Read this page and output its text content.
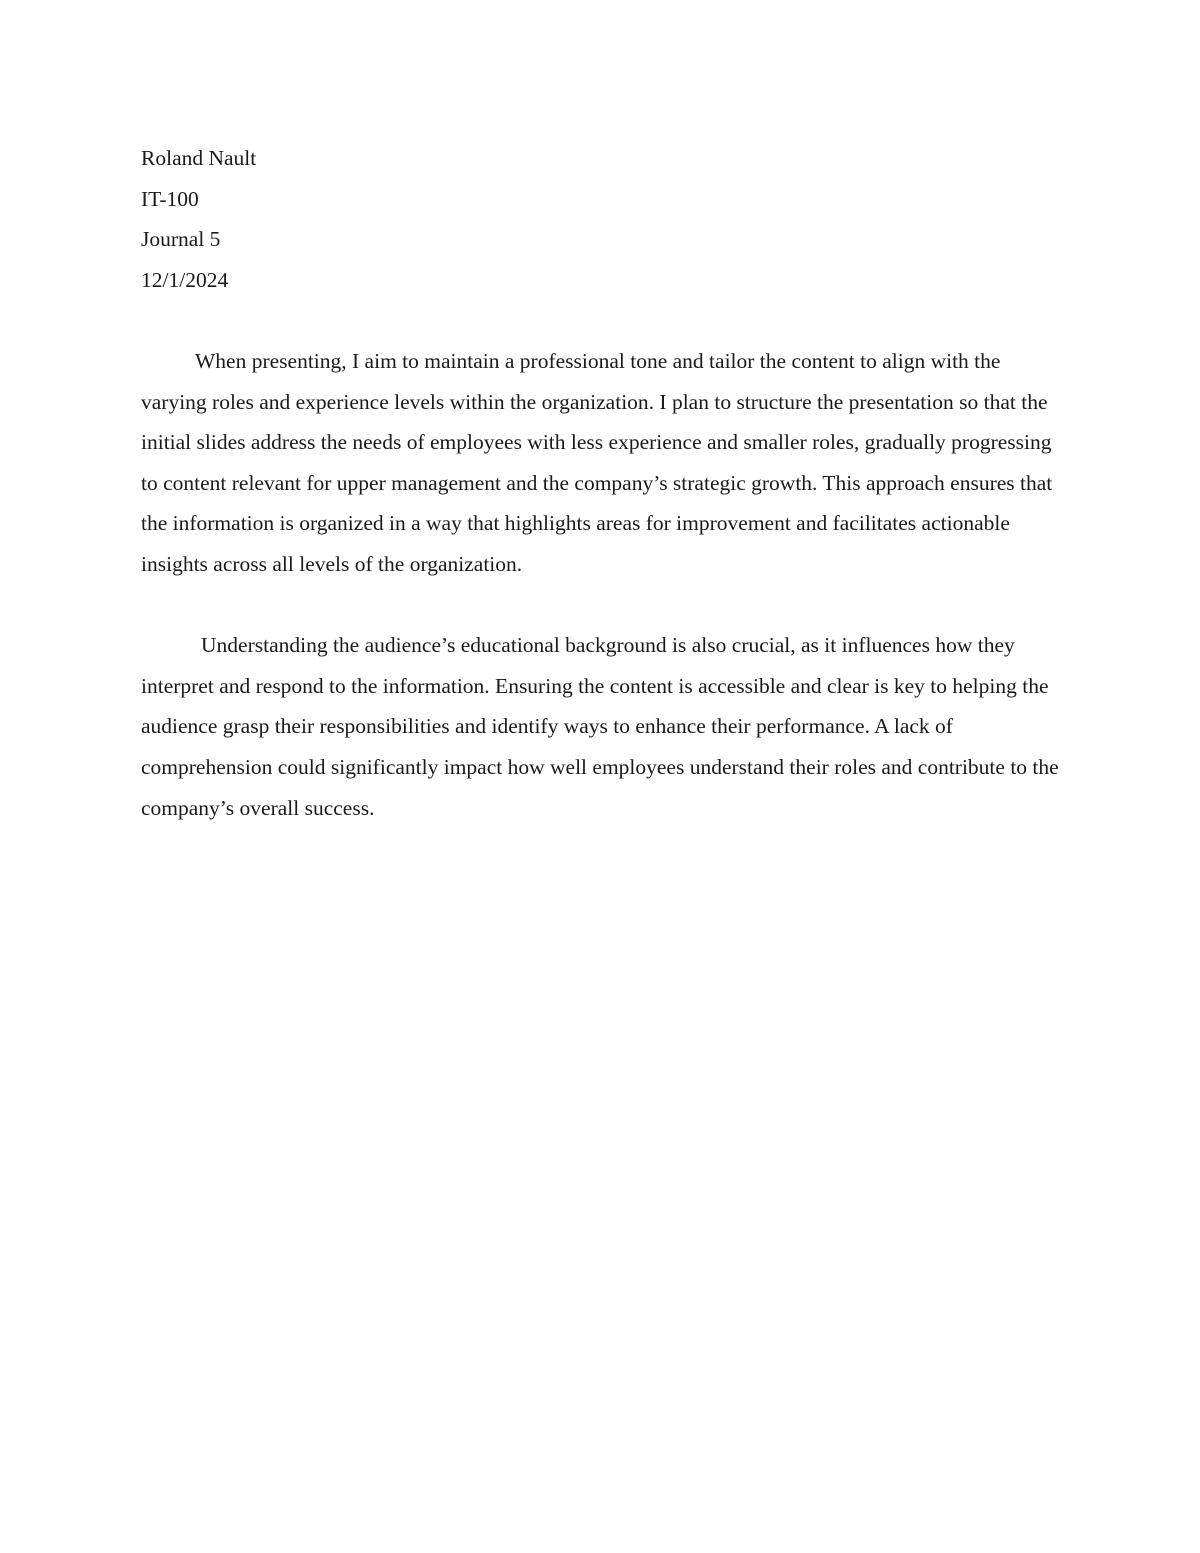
Roland Nault

IT-100

Journal 5

12/1/2024

When presenting, I aim to maintain a professional tone and tailor the content to align with the varying roles and experience levels within the organization. I plan to structure the presentation so that the initial slides address the needs of employees with less experience and smaller roles, gradually progressing to content relevant for upper management and the company’s strategic growth. This approach ensures that the information is organized in a way that highlights areas for improvement and facilitates actionable insights across all levels of the organization.

Understanding the audience’s educational background is also crucial, as it influences how they interpret and respond to the information. Ensuring the content is accessible and clear is key to helping the audience grasp their responsibilities and identify ways to enhance their performance. A lack of comprehension could significantly impact how well employees understand their roles and contribute to the company’s overall success.
